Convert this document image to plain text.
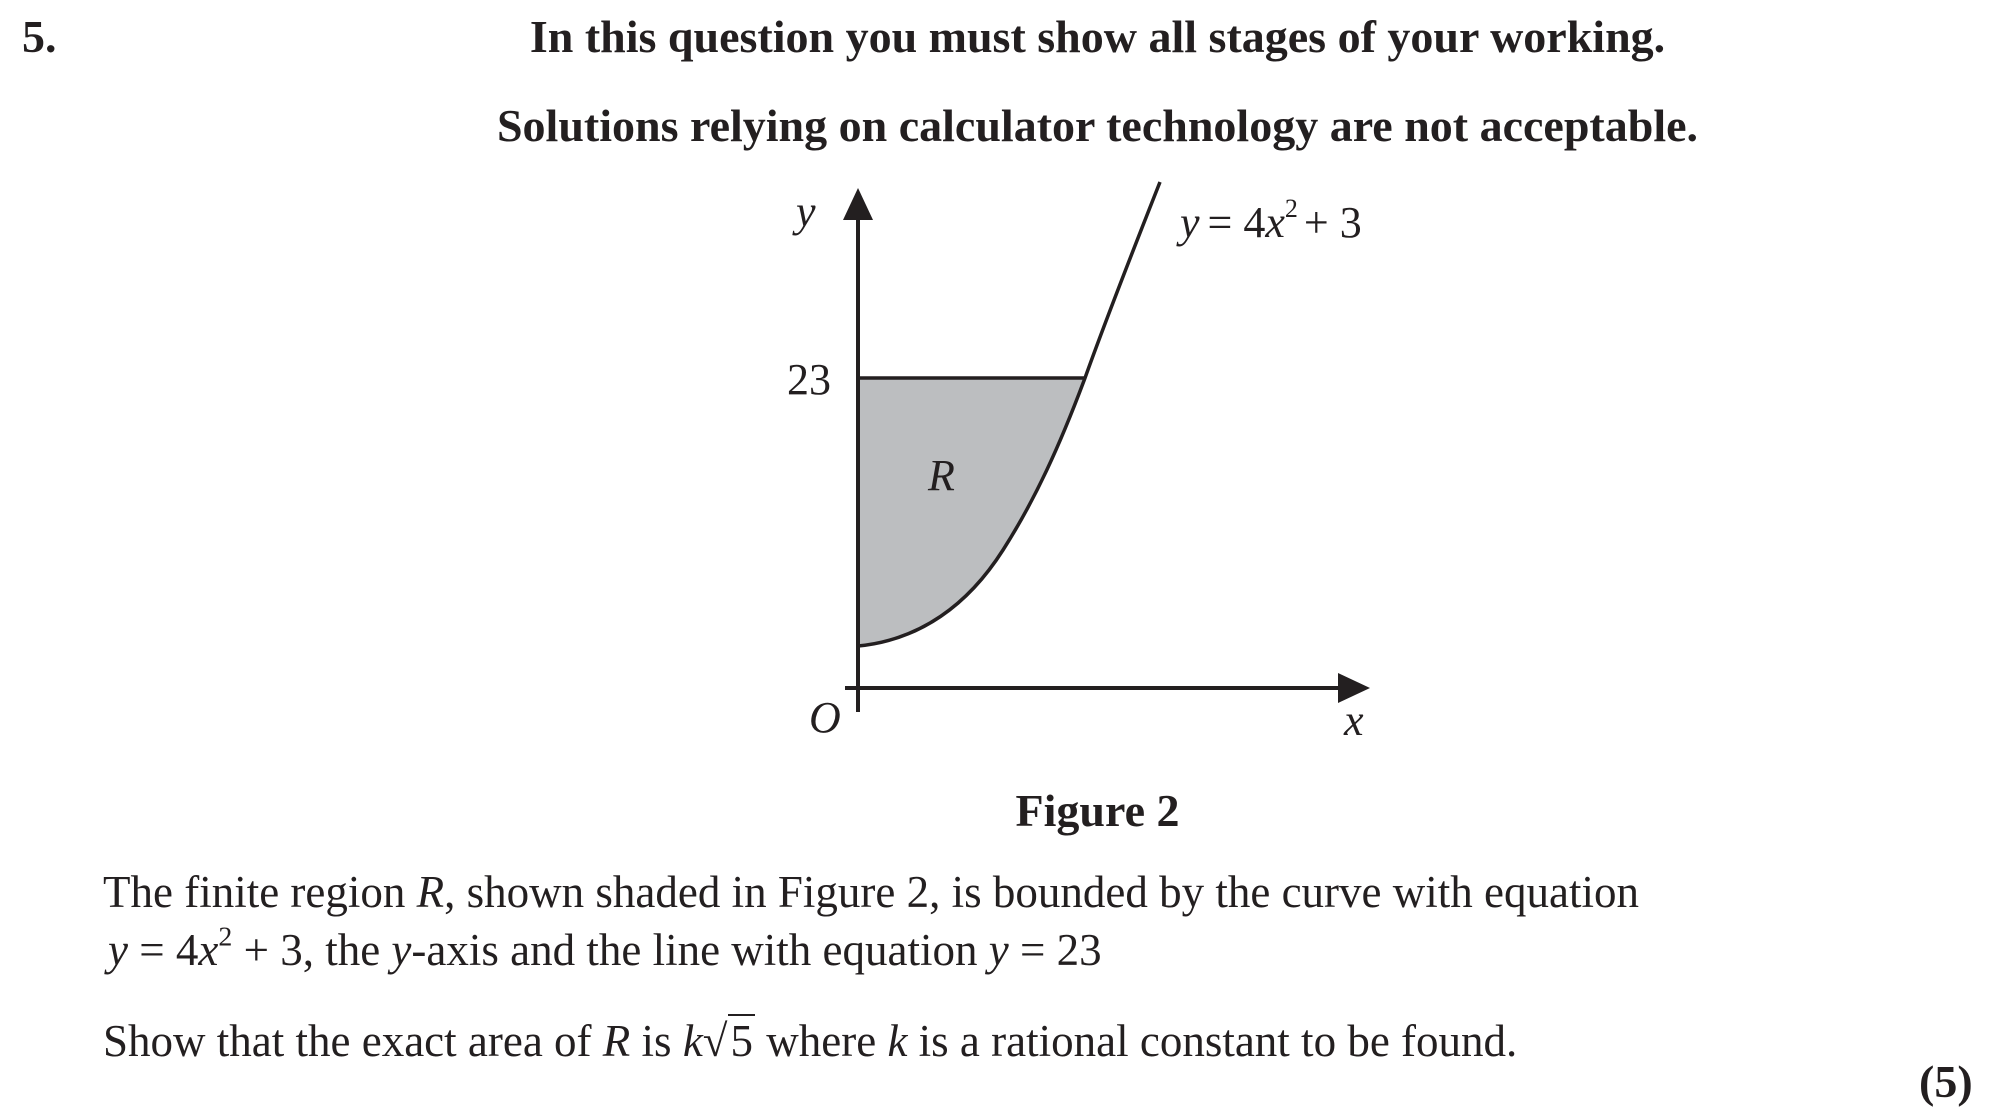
5.	In this question you must show all stages of your working.
Solutions relying on calculator technology are not acceptable.
y
x
O
23
R
$y = 4x^2 + 3$
Figure 2
The finite region R, shown shaded in Figure 2, is bounded by the curve with equation
$y = 4x^2 + 3$, the y-axis and the line with equation y = 23
Show that the exact area of R is k√5 where k is a rational constant to be found.
(5)
